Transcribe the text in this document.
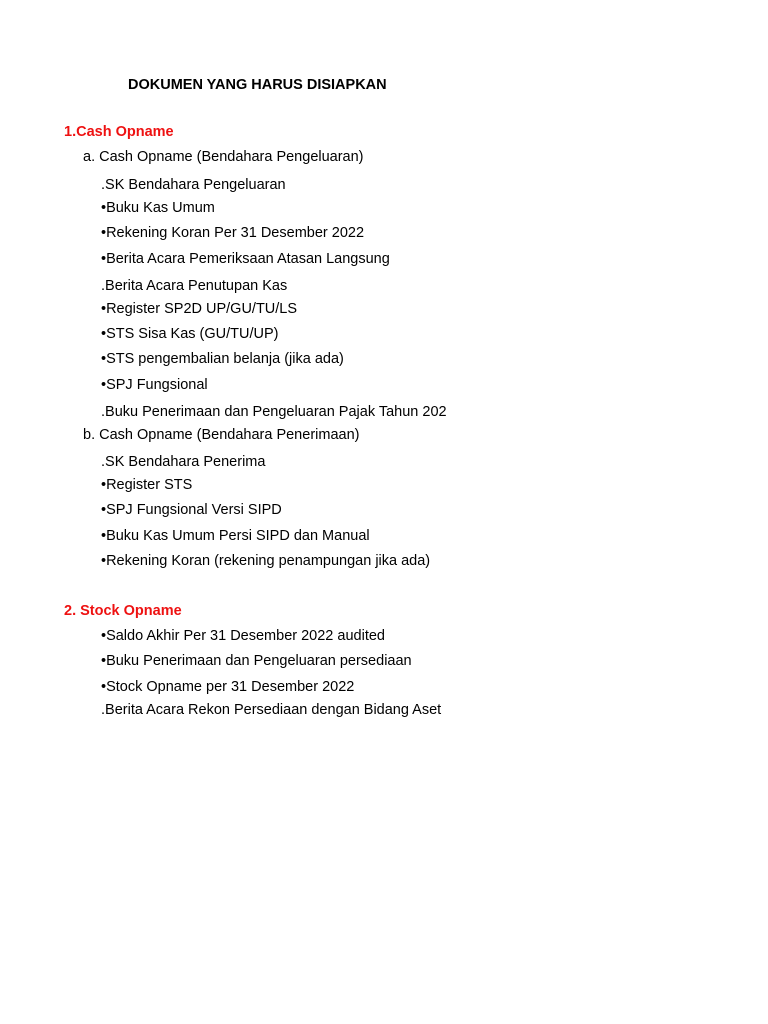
DOKUMEN YANG HARUS DISIAPKAN
1.Cash Opname
a. Cash Opname (Bendahara Pengeluaran)
.SK Bendahara Pengeluaran
•Buku Kas Umum
•Rekening Koran Per 31 Desember 2022
•Berita Acara Pemeriksaan Atasan Langsung
.Berita Acara Penutupan Kas
•Register SP2D UP/GU/TU/LS
•STS Sisa Kas (GU/TU/UP)
•STS pengembalian belanja (jika ada)
•SPJ Fungsional
.Buku Penerimaan dan Pengeluaran Pajak Tahun 202
b. Cash Opname (Bendahara Penerimaan)
.SK Bendahara Penerima
•Register STS
•SPJ Fungsional Versi SIPD
•Buku Kas Umum Persi SIPD dan Manual
•Rekening Koran (rekening penampungan jika ada)
2. Stock Opname
•Saldo Akhir Per 31 Desember 2022 audited
•Buku Penerimaan dan Pengeluaran persediaan
•Stock Opname per 31 Desember 2022
.Berita Acara Rekon Persediaan dengan Bidang Aset
